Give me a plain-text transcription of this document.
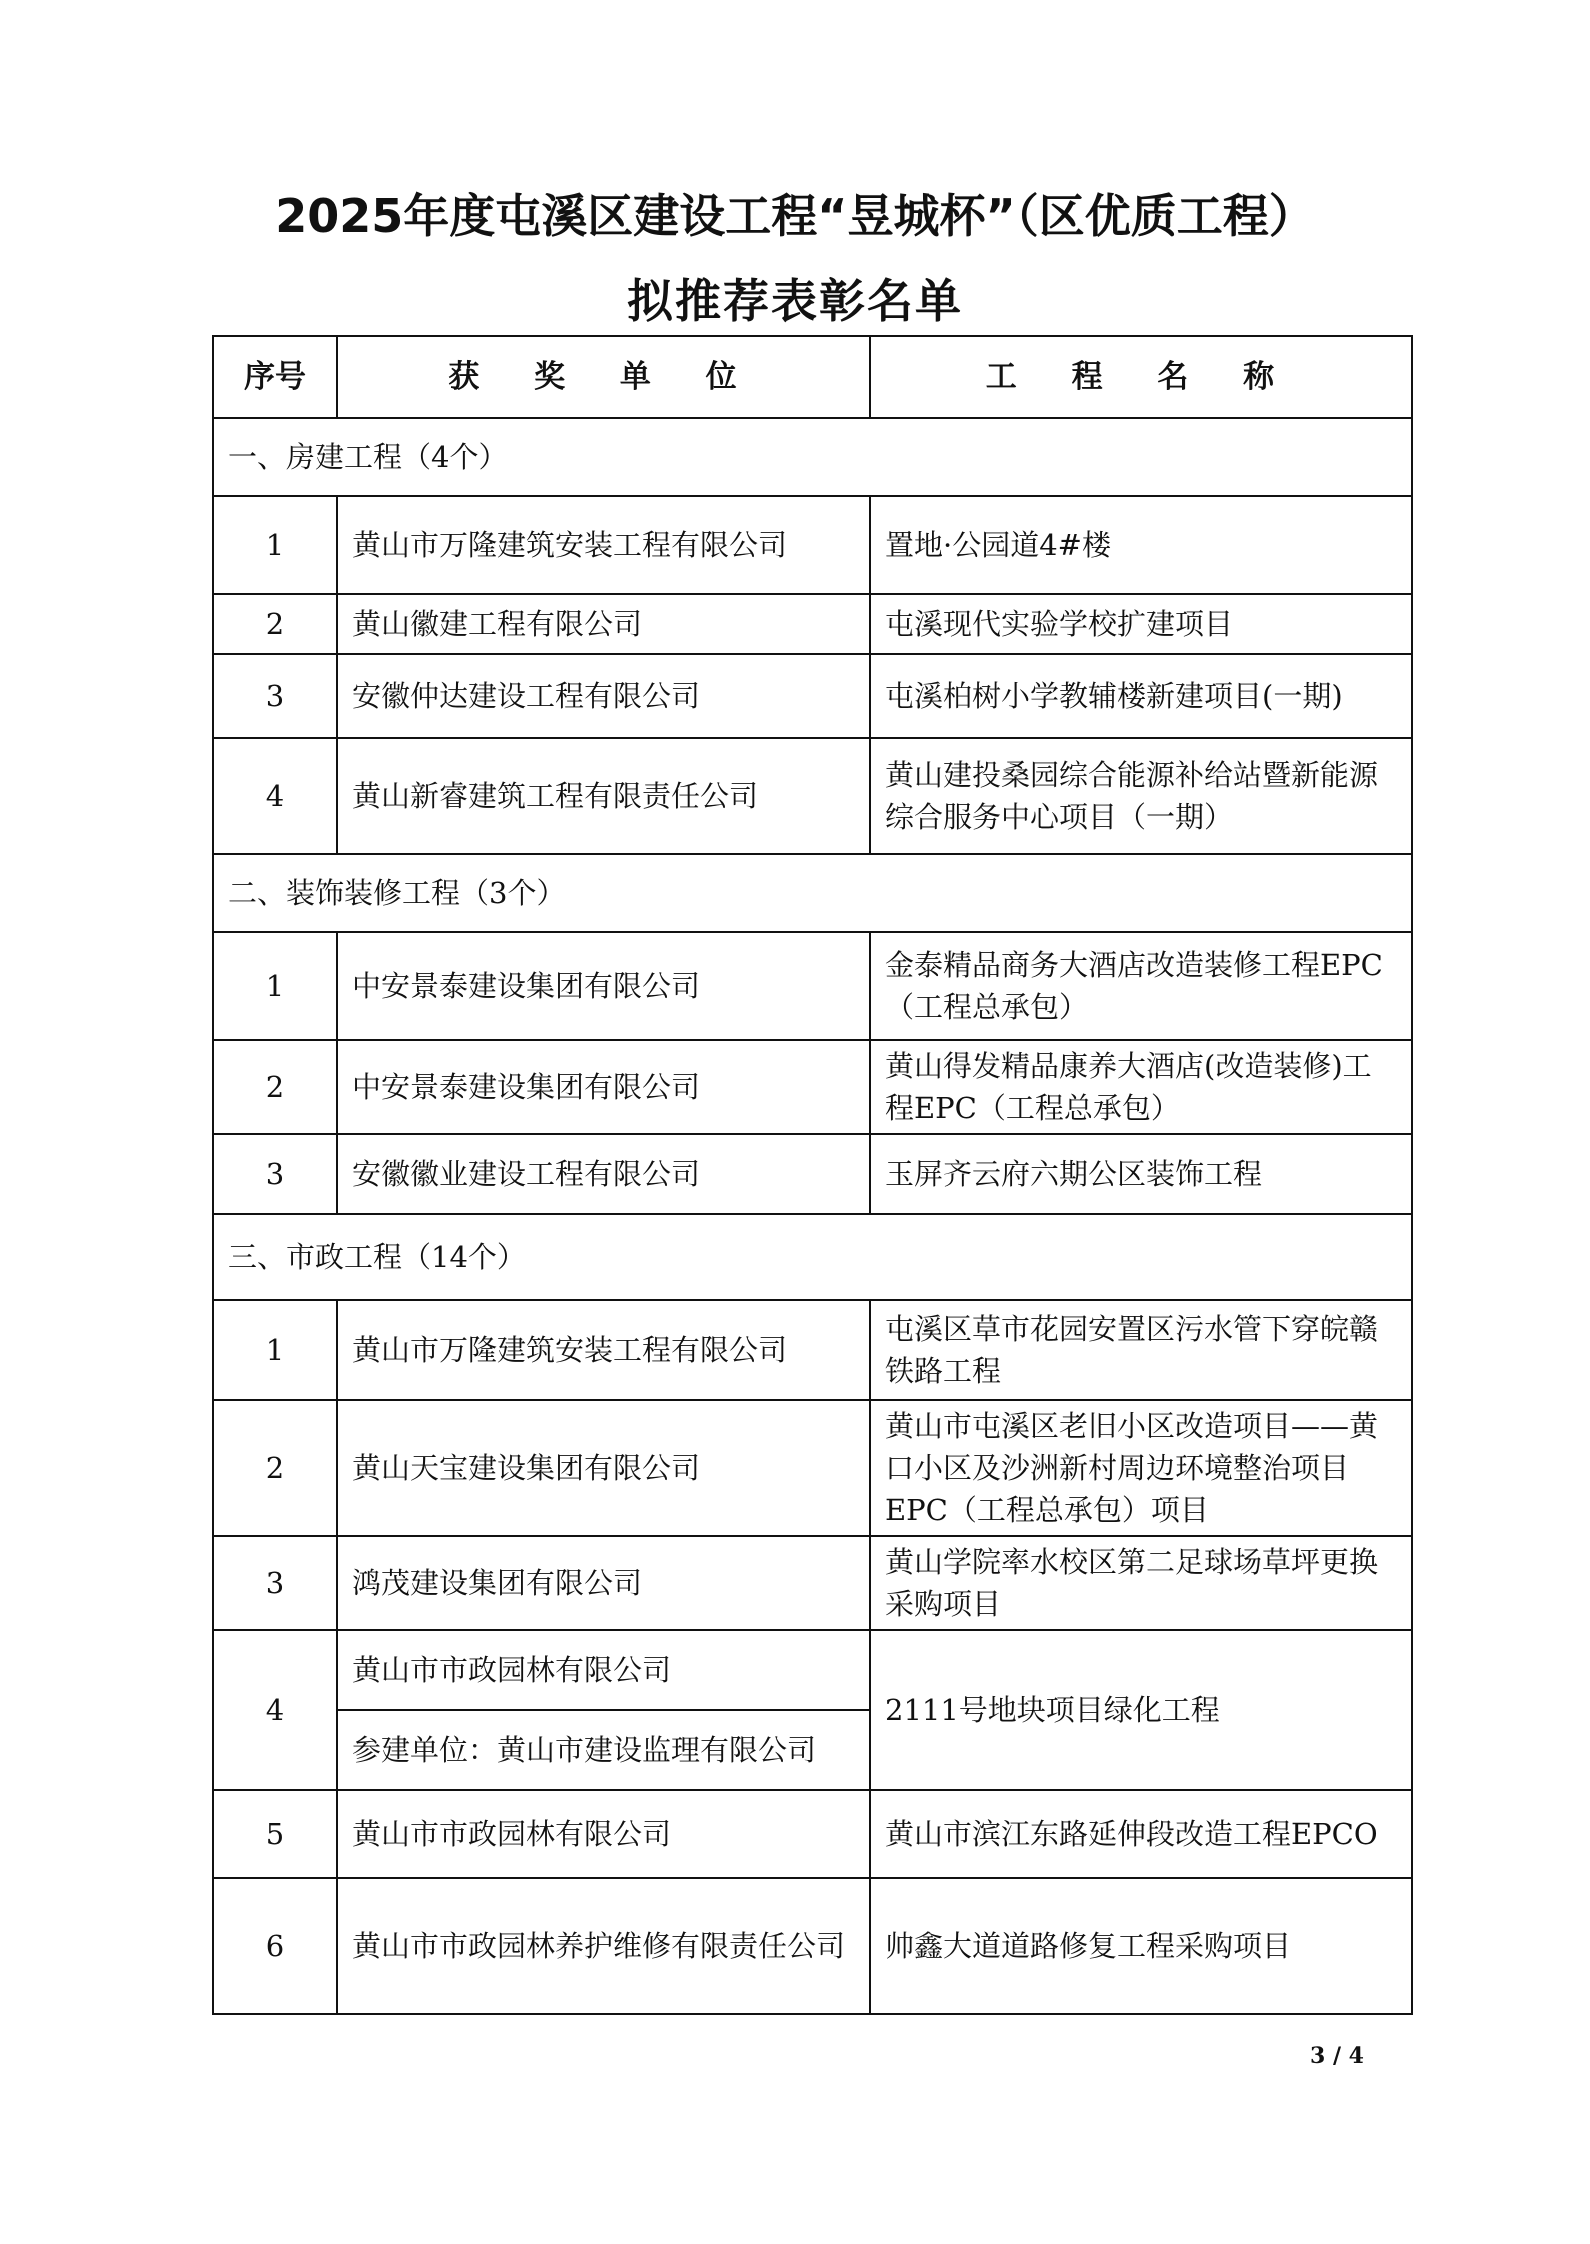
2025年度屯溪区建设工程“昱城杯”（区优质工程）
拟推荐表彰名单
序号	获 奖 单 位	工 程 名 称
一、房建工程（4个）		
1	黄山市万隆建筑安装工程有限公司	置地·公园道4#楼
2	黄山徽建工程有限公司	屯溪现代实验学校扩建项目
3	安徽仲达建设工程有限公司	屯溪柏树小学教辅楼新建项目(一期)
4	黄山新睿建筑工程有限责任公司	黄山建投桑园综合能源补给站暨新能源综合服务中心项目（一期）
二、装饰装修工程（3个）		
1	中安景泰建设集团有限公司	金泰精品商务大酒店改造装修工程EPC（工程总承包）
2	中安景泰建设集团有限公司	黄山得发精品康养大酒店(改造装修)工程EPC（工程总承包）
3	安徽徽业建设工程有限公司	玉屏齐云府六期公区装饰工程
三、市政工程（14个）		
1	黄山市万隆建筑安装工程有限公司	屯溪区草市花园安置区污水管下穿皖赣铁路工程
2	黄山天宝建设集团有限公司	黄山市屯溪区老旧小区改造项目——黄口小区及沙洲新村周边环境整治项目EPC（工程总承包）项目
3	鸿茂建设集团有限公司	黄山学院率水校区第二足球场草坪更换采购项目
4	黄山市市政园林有限公司	2111号地块项目绿化工程
	参建单位：黄山市建设监理有限公司	
5	黄山市市政园林有限公司	黄山市滨江东路延伸段改造工程EPCO
6	黄山市市政园林养护维修有限责任公司	帅鑫大道道路修复工程采购项目
3 / 4
